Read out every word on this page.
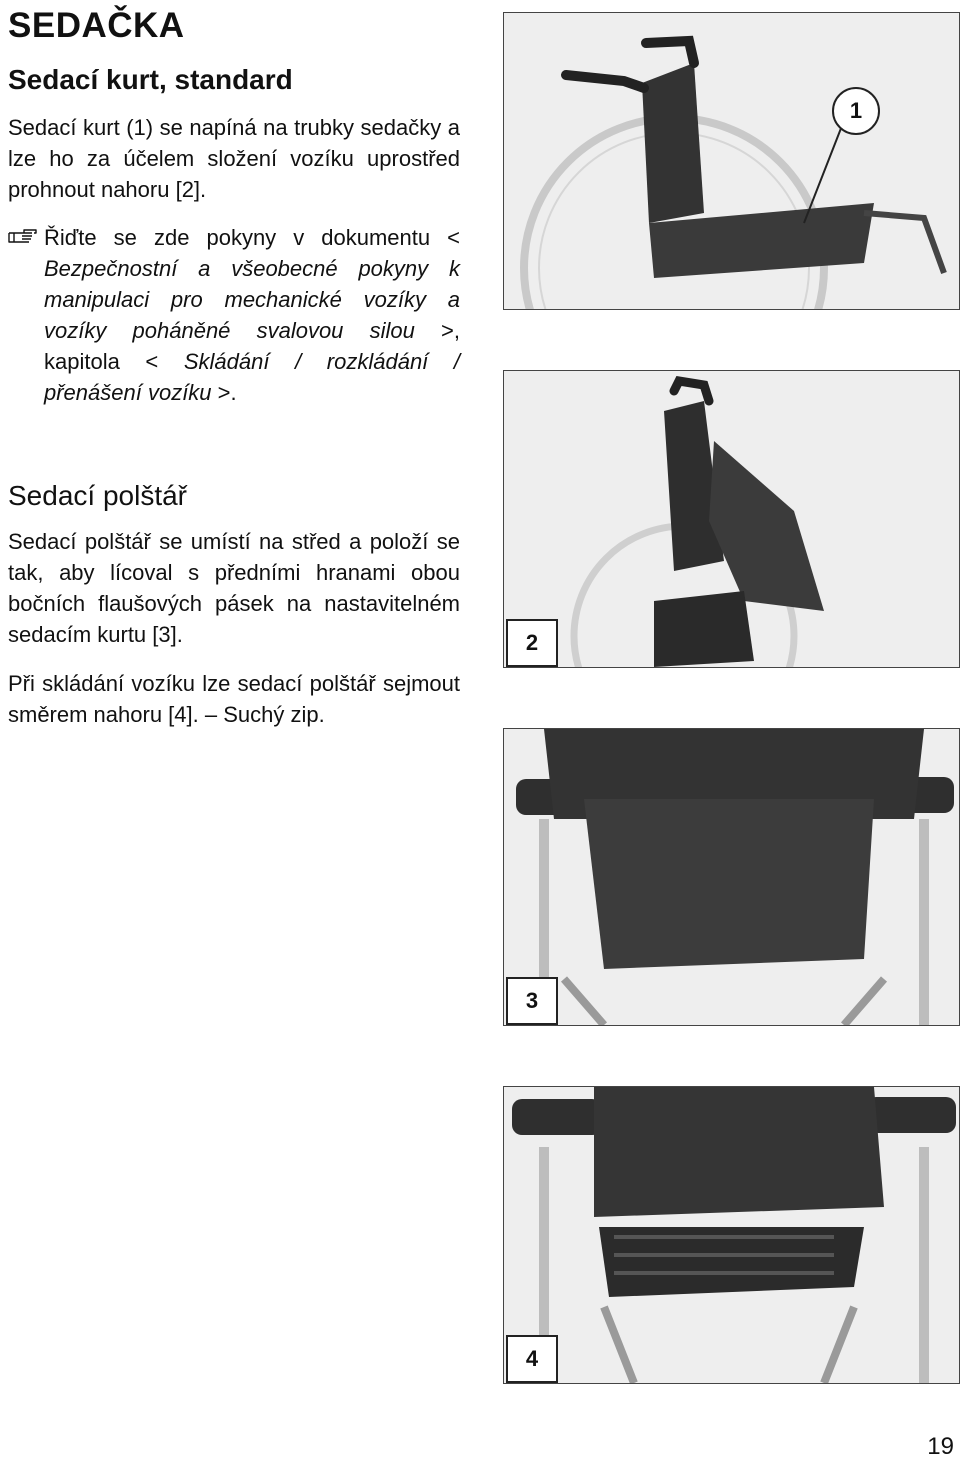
SEDAČKA
Sedací kurt, standard
Sedací kurt (1) se napíná na trubky sedačky a lze ho za účelem složení vozíku uprostřed prohnout nahoru [2].
Řiďte se zde pokyny v dokumentu < Bezpečnostní a všeobecné pokyny k manipulaci pro mechanické vozíky a vozíky poháněné svalovou silou >, kapitola < Skládání / rozkládání / přenášení vozíku >.
Sedací polštář
Sedací polštář se umístí na střed a položí se tak, aby lícoval s předními hranami obou bočních flaušových pásek na nastavitelném sedacím kurtu [3].
Při skládání vozíku lze sedací polštář sejmout směrem nahoru [4]. – Suchý zip.
1
2
3
4
19
